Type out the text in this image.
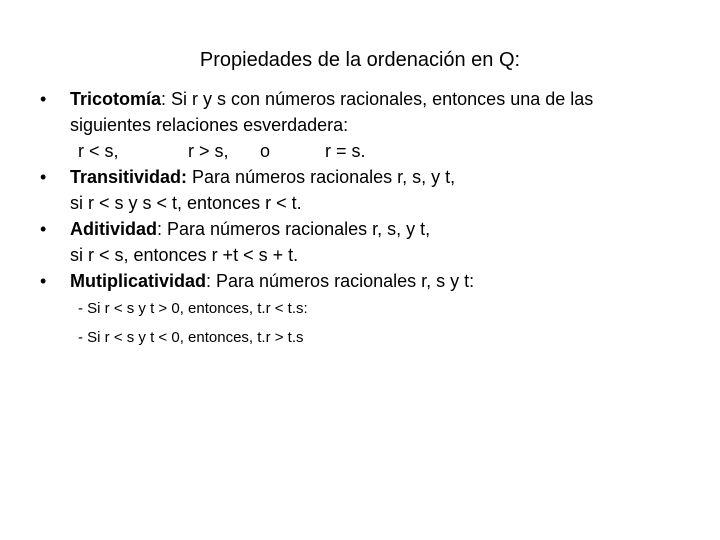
Propiedades de la ordenación en Q:
•	Tricotomía: Si r y s con números racionales, entonces una de las
siguientes relaciones esverdadera:
r < s,	r > s, o	r = s.
•	Transitividad: Para números racionales r, s, y t,
si r < s y s < t, entonces r < t.
•	Aditividad: Para números racionales r, s, y t,
si r < s, entonces r +t < s + t.
•	Mutiplicatividad: Para números racionales r, s y t:
- Si r < s y t > 0, entonces, t.r < t.s:
- Si r < s y t < 0, entonces, t.r > t.s
